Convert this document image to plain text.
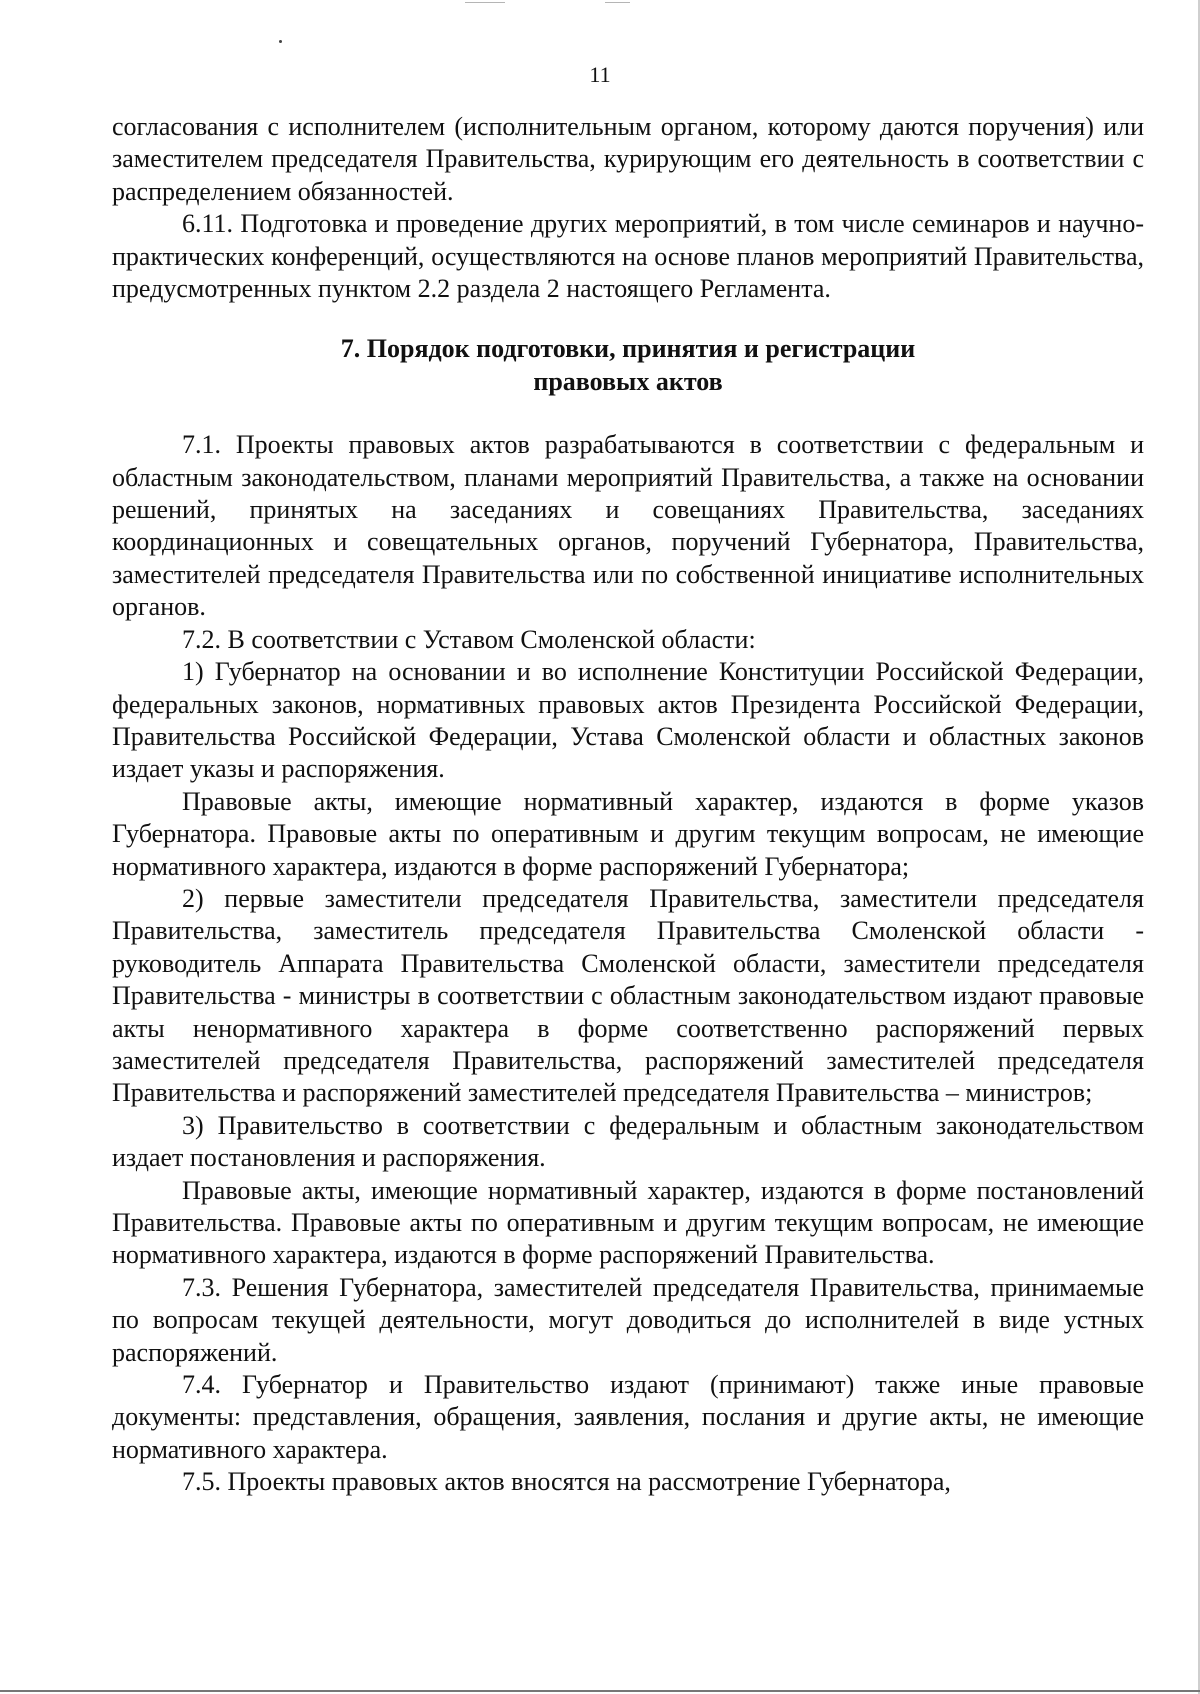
11

согласования с исполнителем (исполнительным органом, которому даются поручения) или заместителем председателя Правительства, курирующим его деятельность в соответствии с распределением обязанностей.

6.11. Подготовка и проведение других мероприятий, в том числе семинаров и научно-практических конференций, осуществляются на основе планов мероприятий Правительства, предусмотренных пунктом 2.2 раздела 2 настоящего Регламента.

7. Порядок подготовки, принятия и регистрации
правовых актов

7.1. Проекты правовых актов разрабатываются в соответствии с федеральным и областным законодательством, планами мероприятий Правительства, а также на основании решений, принятых на заседаниях и совещаниях Правительства, заседаниях координационных и совещательных органов, поручений Губернатора, Правительства, заместителей председателя Правительства или по собственной инициативе исполнительных органов.

7.2. В соответствии с Уставом Смоленской области:

1) Губернатор на основании и во исполнение Конституции Российской Федерации, федеральных законов, нормативных правовых актов Президента Российской Федерации, Правительства Российской Федерации, Устава Смоленской области и областных законов издает указы и распоряжения.

Правовые акты, имеющие нормативный характер, издаются в форме указов Губернатора. Правовые акты по оперативным и другим текущим вопросам, не имеющие нормативного характера, издаются в форме распоряжений Губернатора;

2) первые заместители председателя Правительства, заместители председателя Правительства, заместитель председателя Правительства Смоленской области - руководитель Аппарата Правительства Смоленской области, заместители председателя Правительства - министры в соответствии с областным законодательством издают правовые акты ненормативного характера в форме соответственно распоряжений первых заместителей председателя Правительства, распоряжений заместителей председателя Правительства и распоряжений заместителей председателя Правительства – министров;

3) Правительство в соответствии с федеральным и областным законодательством издает постановления и распоряжения.

Правовые акты, имеющие нормативный характер, издаются в форме постановлений Правительства. Правовые акты по оперативным и другим текущим вопросам, не имеющие нормативного характера, издаются в форме распоряжений Правительства.

7.3. Решения Губернатора, заместителей председателя Правительства, принимаемые по вопросам текущей деятельности, могут доводиться до исполнителей в виде устных распоряжений.

7.4. Губернатор и Правительство издают (принимают) также иные правовые документы: представления, обращения, заявления, послания и другие акты, не имеющие нормативного характера.

7.5. Проекты правовых актов вносятся на рассмотрение Губернатора,
